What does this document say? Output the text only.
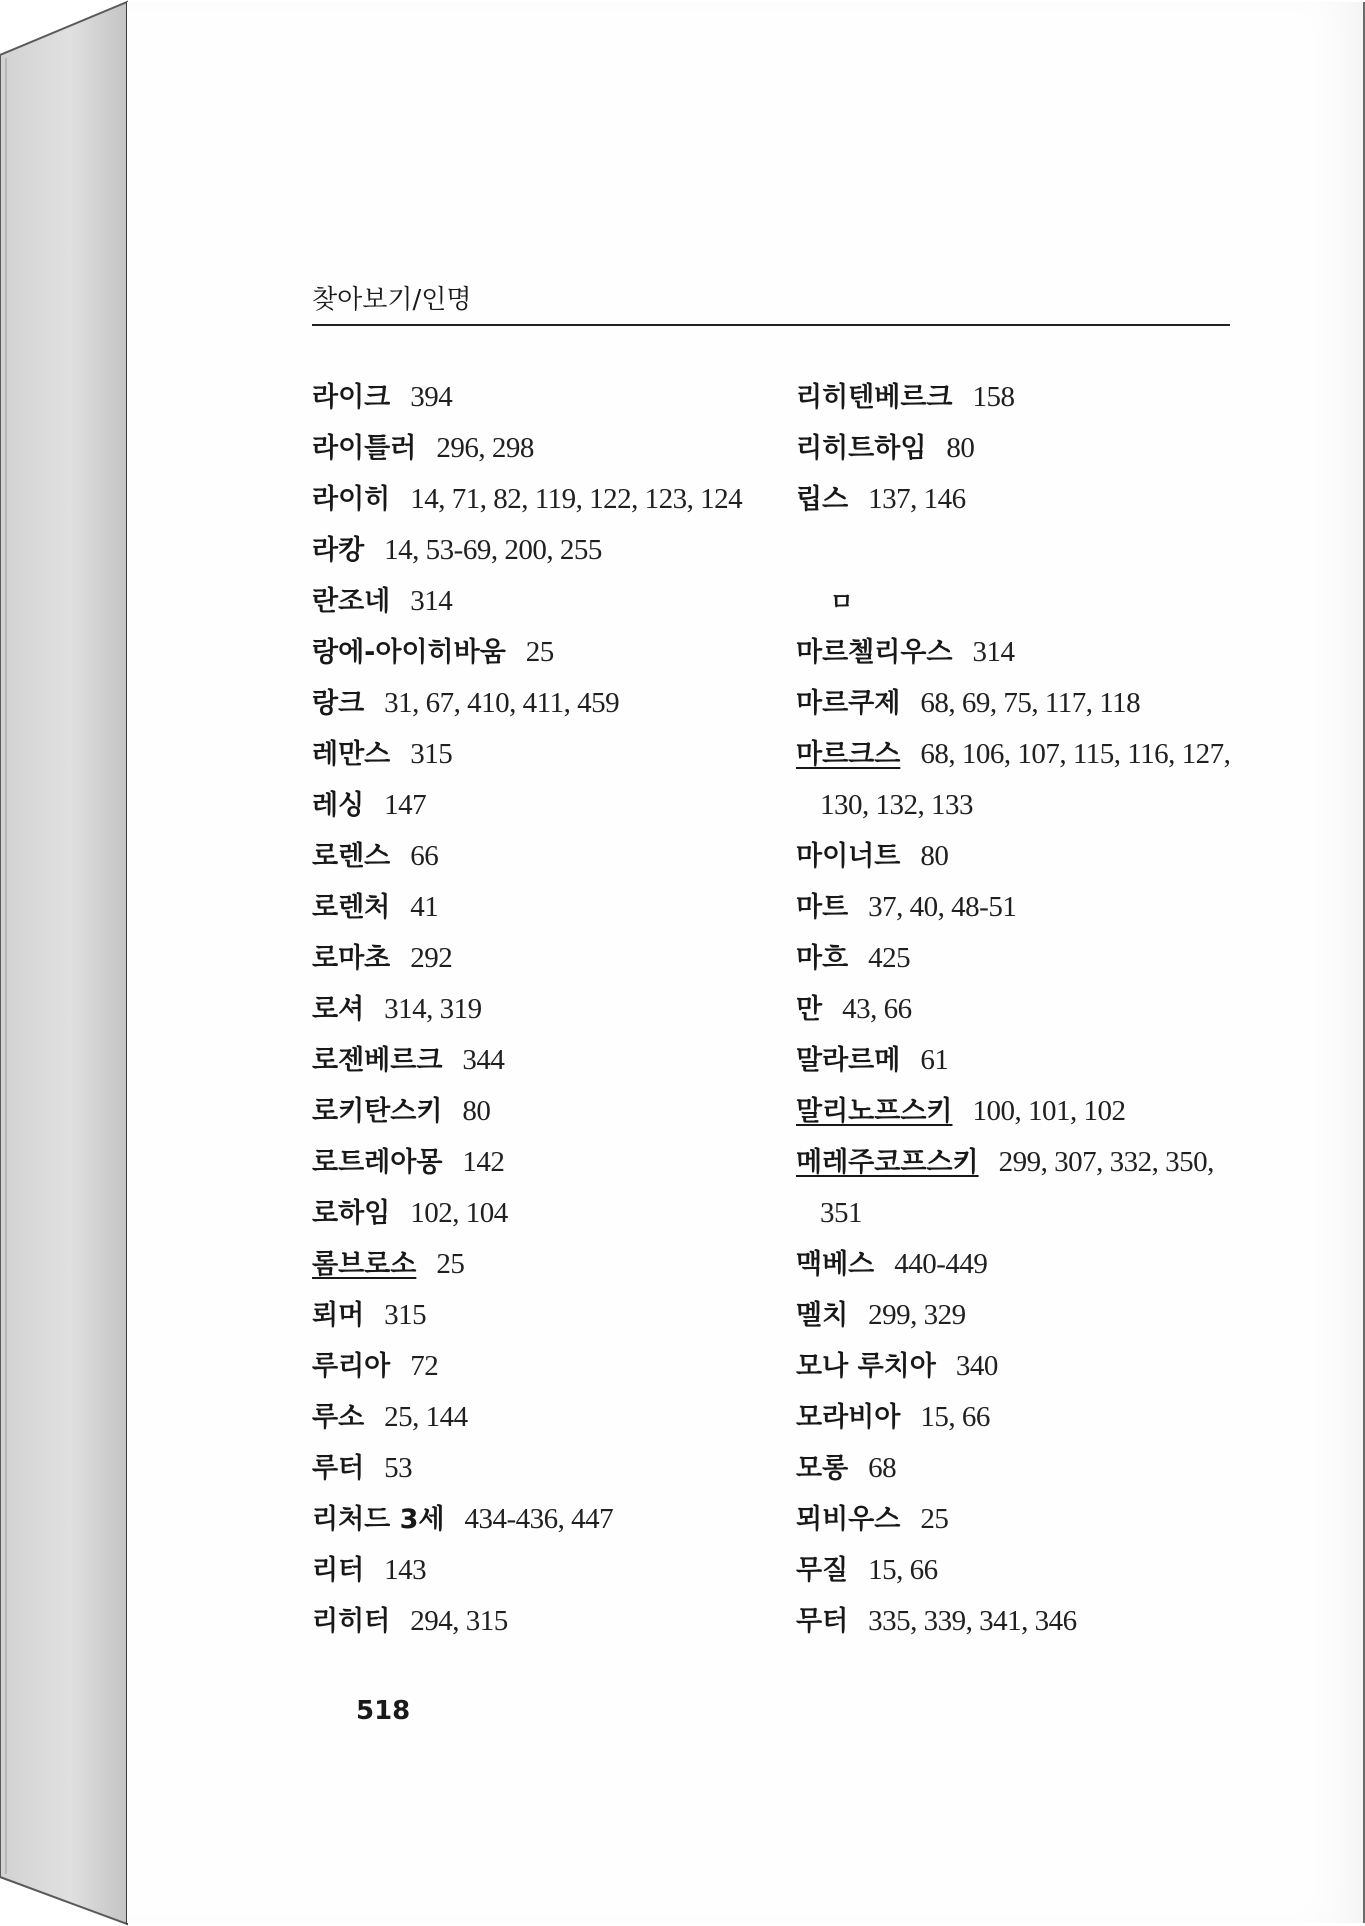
찾아보기/인명
라이크 394
라이틀러 296, 298
라이히 14, 71, 82, 119, 122, 123, 124
라캉 14, 53-69, 200, 255
란조네 314
랑에-아이히바움 25
랑크 31, 67, 410, 411, 459
레만스 315
레싱 147
로렌스 66
로렌처 41
로마초 292
로셔 314, 319
로젠베르크 344
로키탄스키 80
로트레아몽 142
로하임 102, 104
롬브로소 25
뢰머 315
루리아 72
루소 25, 144
루터 53
리처드 3세 434-436, 447
리터 143
리히터 294, 315
리히텐베르크 158
리히트하임 80
립스 137, 146
ㅁ
마르첼리우스 314
마르쿠제 68, 69, 75, 117, 118
마르크스 68, 106, 107, 115, 116, 127,
130, 132, 133
마이너트 80
마트 37, 40, 48-51
마흐 425
만 43, 66
말라르메 61
말리노프스키 100, 101, 102
메레주코프스키 299, 307, 332, 350,
351
맥베스 440-449
멜치 299, 329
모나 루치아 340
모라비아 15, 66
모롱 68
뫼비우스 25
무질 15, 66
무터 335, 339, 341, 346
518
